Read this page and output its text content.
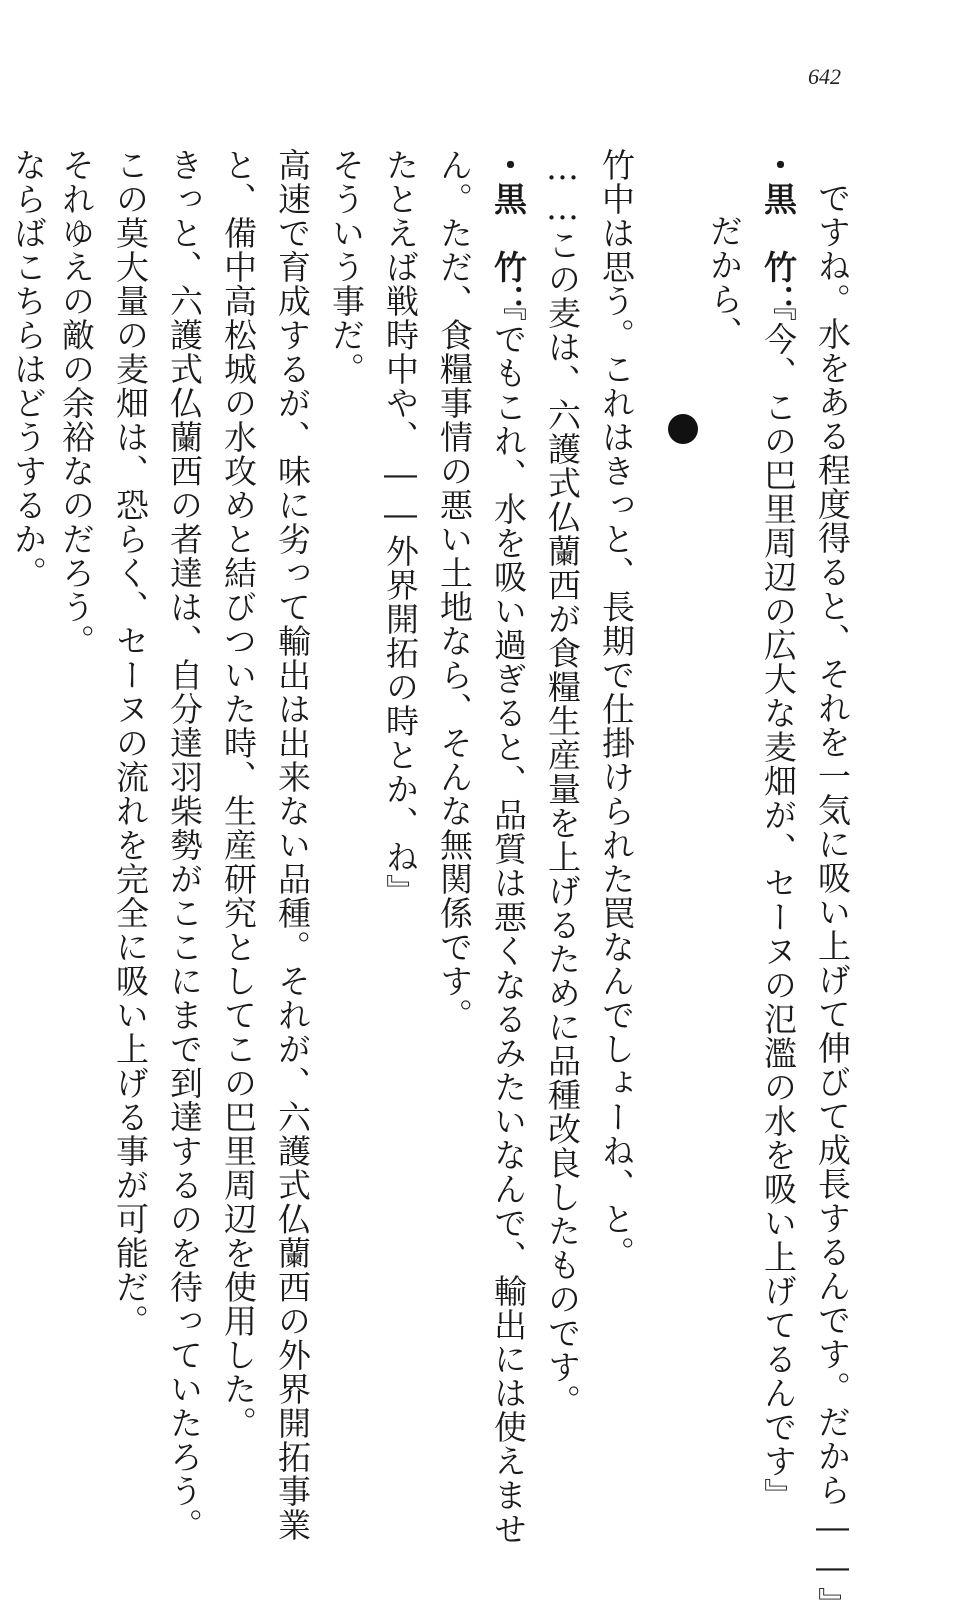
642
ですね。水をある程度得ると、それを一気に吸い上げて伸びて成長するんです。だから――』
・黒　竹：『今、この巴里周辺の広大な麦畑が、セーヌの氾濫の水を吸い上げてるんです』
だから、
竹中は思う。これはきっと、長期で仕掛けられた罠なんでしょーね、と。
……この麦は、六護式仏蘭西が食糧生産量を上げるために品種改良したものです。
・黒　竹：『でもこれ、水を吸い過ぎると、品質は悪くなるみたいなんで、輸出には使えませ
ん。ただ、食糧事情の悪い土地なら、そんな無関係です。
たとえば戦時中や、――外界開拓の時とか、ね』
そういう事だ。
高速で育成するが、味に劣って輸出は出来ない品種。それが、六護式仏蘭西の外界開拓事業
と、備中高松城の水攻めと結びついた時、生産研究としてこの巴里周辺を使用した。
きっと、六護式仏蘭西の者達は、自分達羽柴勢がここにまで到達するのを待っていたろう。
この莫大量の麦畑は、恐らく、セーヌの流れを完全に吸い上げる事が可能だ。
それゆえの敵の余裕なのだろう。
ならばこちらはどうするか。
